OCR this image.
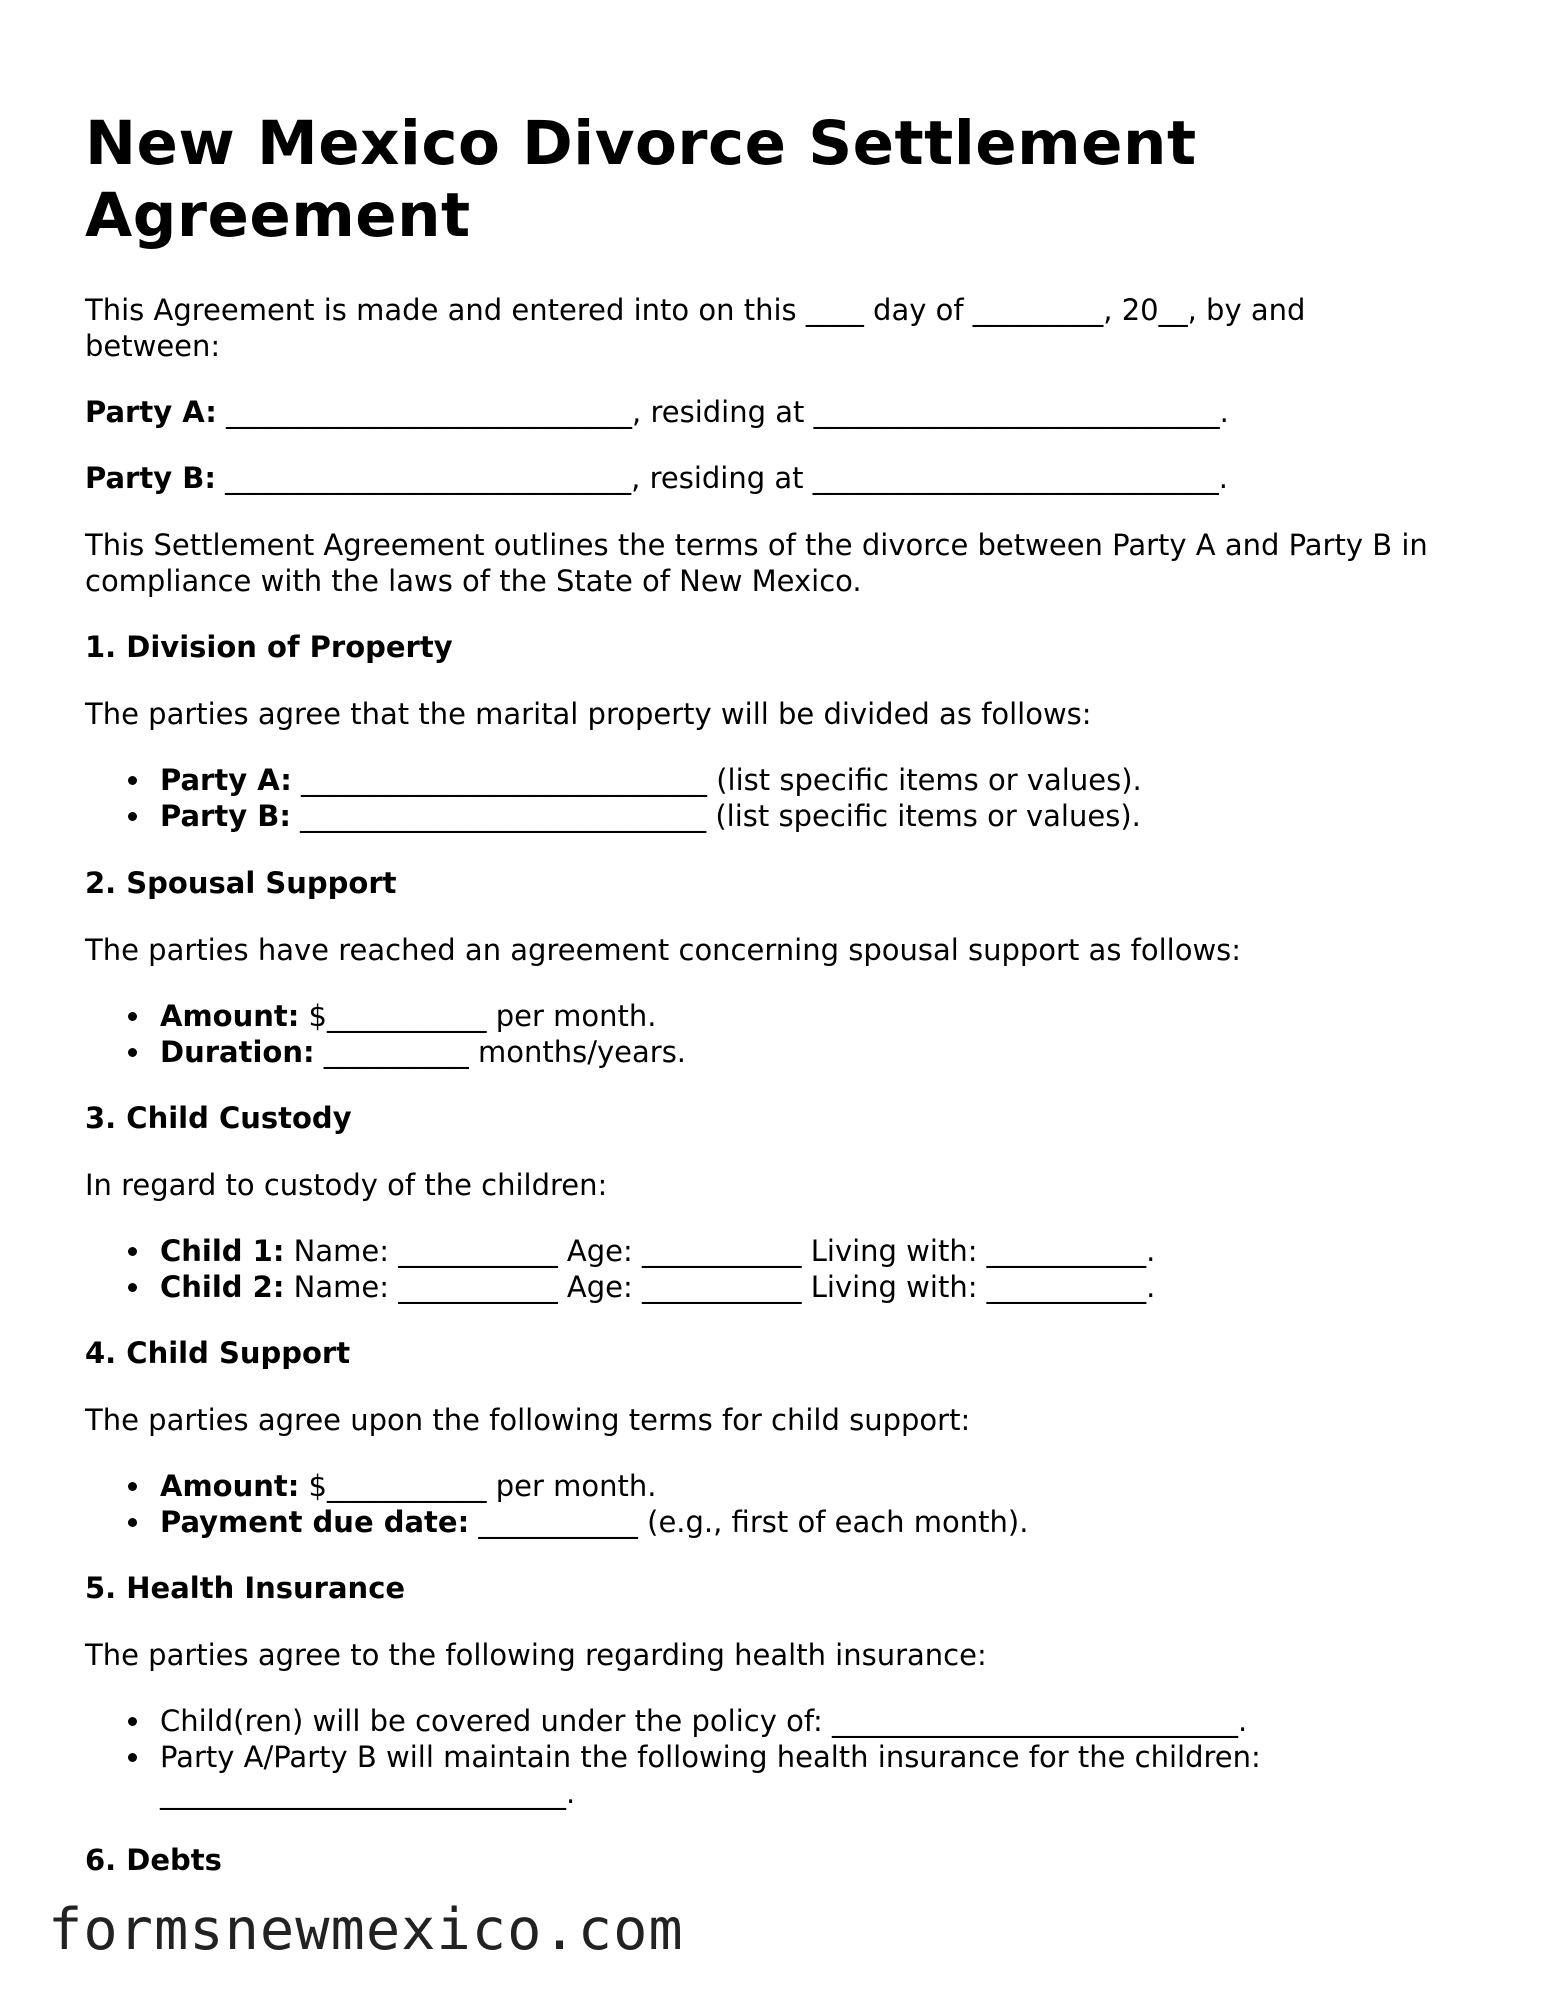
New Mexico Divorce Settlement Agreement

This Agreement is made and entered into on this ____ day of _________, 20__, by and between:

Party A: ____________________________, residing at ____________________________.

Party B: ____________________________, residing at ____________________________.

This Settlement Agreement outlines the terms of the divorce between Party A and Party B in compliance with the laws of the State of New Mexico.

1. Division of Property

The parties agree that the marital property will be divided as follows:

Party A: ____________________________ (list specific items or values).
Party B: ____________________________ (list specific items or values).

2. Spousal Support

The parties have reached an agreement concerning spousal support as follows:

Amount: $___________ per month.
Duration: __________ months/years.

3. Child Custody

In regard to custody of the children:

Child 1: Name: ___________ Age: ___________ Living with: ___________.
Child 2: Name: ___________ Age: ___________ Living with: ___________.

4. Child Support

The parties agree upon the following terms for child support:

Amount: $___________ per month.
Payment due date: ___________ (e.g., first of each month).

5. Health Insurance

The parties agree to the following regarding health insurance:

Child(ren) will be covered under the policy of: ____________________________.
Party A/Party B will maintain the following health insurance for the children: ____________________________.

6. Debts

formsnewmexico.com
